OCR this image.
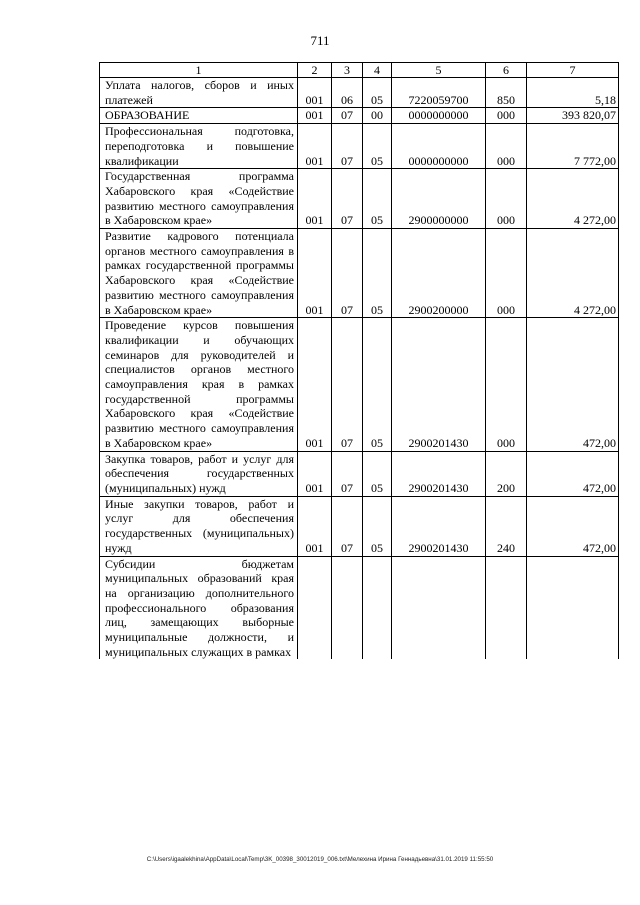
711
1	2	3	4	5	6	7
Уплата налогов, сборов и иных платежей	001	06	05	7220059700	850	5,18
ОБРАЗОВАНИЕ	001	07	00	0000000000	000	393 820,07
Профессиональная подготовка, переподготовка и повышение квалификации	001	07	05	0000000000	000	7 772,00
Государственная программа Хабаровского края «Содействие развитию местного самоуправления в Хабаровском крае»	001	07	05	2900000000	000	4 272,00
Развитие кадрового потенциала органов местного самоуправления в рамках государственной программы Хабаровского края «Содействие развитию местного самоуправления в Хабаровском крае»	001	07	05	2900200000	000	4 272,00
Проведение курсов повышения квалификации и обучающих семинаров для руководителей и специалистов органов местного самоуправления края в рамках государственной программы Хабаровского края «Содействие развитию местного самоуправления в Хабаровском крае»	001	07	05	2900201430	000	472,00
Закупка товаров, работ и услуг для обеспечения государственных (муниципальных) нужд	001	07	05	2900201430	200	472,00
Иные закупки товаров, работ и услуг для обеспечения государственных (муниципальных) нужд	001	07	05	2900201430	240	472,00
Субсидии бюджетам муниципальных образований края на организацию дополнительного профессионального образования лиц, замещающих выборные муниципальные должности, и муниципальных служащих в рамках						
C:\Users\igaalekhina\AppData\Local\Temp\3K_00398_30012019_006.txt\Мелехина Ирина Геннадьевна\31.01.2019 11:55:50
